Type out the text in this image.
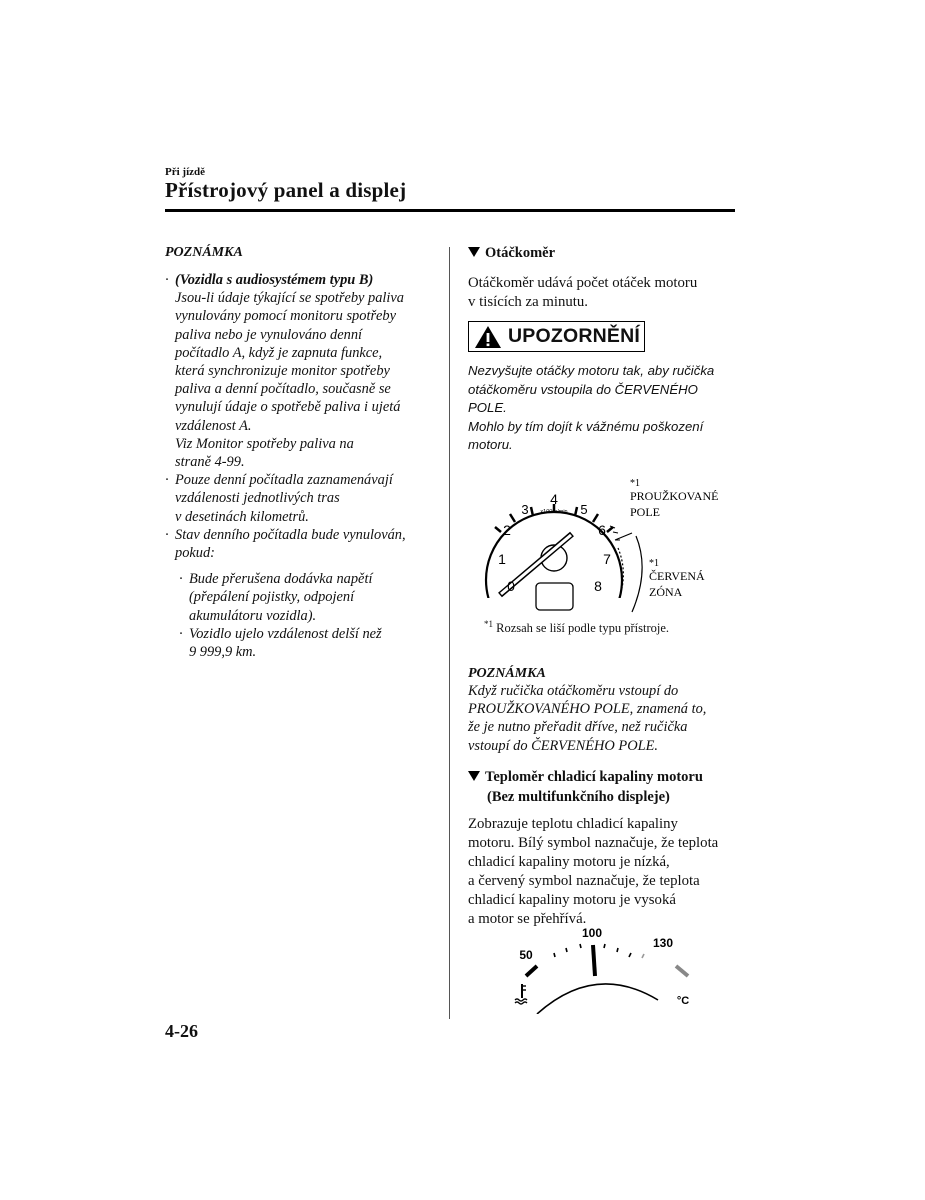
Při jízdě
Přístrojový panel a displej
POZNÁMKA
· (Vozidla s audiosystémem typu B)
Jsou-li údaje týkající se spotřeby paliva
vynulovány pomocí monitoru spotřeby
paliva nebo je vynulováno denní
počítadlo A, když je zapnuta funkce,
která synchronizuje monitor spotřeby
paliva a denní počítadlo, současně se
vynulují údaje o spotřebě paliva i ujetá
vzdálenost A.
Viz Monitor spotřeby paliva na
straně 4-99.
· Pouze denní počítadla zaznamenávají
vzdálenosti jednotlivých tras
v desetinách kilometrů.
· Stav denního počítadla bude vynulován,
pokud:
· Bude přerušena dodávka napětí
(přepálení pojistky, odpojení
akumulátoru vozidla).
· Vozidlo ujelo vzdálenost delší než
9 999,9 km.
Otáčkoměr
Otáčkoměr udává počet otáček motoru
v tisících za minutu.
UPOZORNĚNÍ
Nezvyšujte otáčky motoru tak, aby ručička
otáčkoměru vstoupila do ČERVENÉHO
POLE.
Mohlo by tím dojít k vážnému poškození
motoru.
4
3	5
2	6
1	7
0	8
x1000r/min
*1
PROUŽKOVANÉ
POLE
*1
ČERVENÁ
ZÓNA
$^{*1}$ Rozsah se liší podle typu přístroje.
POZNÁMKA
Když ručička otáčkoměru vstoupí do
PROUŽKOVANÉHO POLE, znamená to,
že je nutno přeřadit dříve, než ručička
vstoupí do ČERVENÉHO POLE.
Teploměr chladicí kapaliny motoru
(Bez multifunkčního displeje)
Zobrazuje teplotu chladicí kapaliny
motoru. Bílý symbol naznačuje, že teplota
chladicí kapaliny motoru je nízká,
a červený symbol naznačuje, že teplota
chladicí kapaliny motoru je vysoká
a motor se přehřívá.
50
100
130
°C
4-26
